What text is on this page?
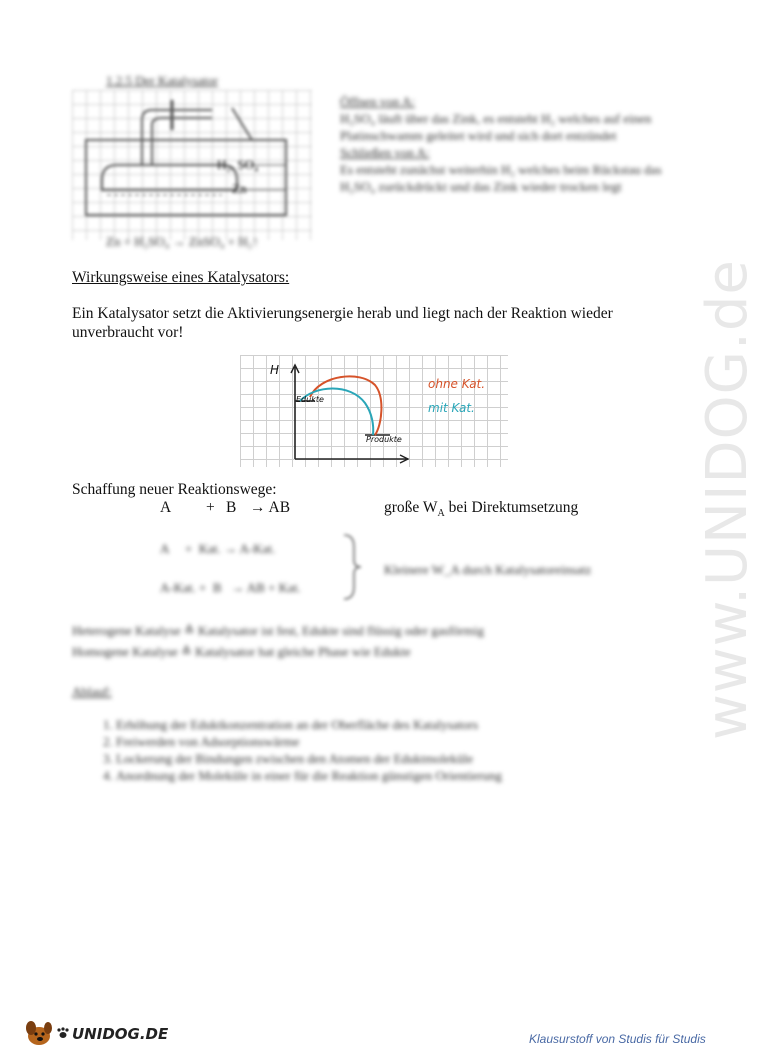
1.2.5 Der Katalysator
H₂, SO₄
Zn
Zn + H₂SO₄ → ZnSO₄ + H₂↑
Öffnen von A:
H₂SO₄ läuft über das Zink, es entsteht H₂ welches auf einen Platinschwamm geleitet wird und sich dort entzündet
Schließen von A:
Es entsteht zunächst weiterhin H₂ welches beim Rückstau das H₂SO₄ zurückdrückt und das Zink wieder trocken legt
Wirkungsweise eines Katalysators:
Ein Katalysator setzt die Aktivierungsenergie herab und liegt nach der Reaktion wieder unverbraucht vor!
H
Edukte
Produkte
ohne Kat.
mit Kat.
Schaffung neuer Reaktionswege:
A + B → AB	große $W_A$ bei Direktumsetzung
A     +  Kat. → A-Kat.
A-Kat. +  B   → AB + Kat.
Kleinere W_A durch Katalysatoreinsatz
Heterogene Katalyse ≙ Katalysator ist fest, Edukte sind flüssig oder gasförmig
Homogene Katalyse ≙ Katalysator hat gleiche Phase wie Edukte
Ablauf:
1. Erhöhung der Eduktkonzentration an der Oberfläche des Katalysators
2. Freiwerden von Adsorptionswärme
3. Lockerung der Bindungen zwischen den Atomen der Eduktmoleküle
4. Anordnung der Moleküle in einer für die Reaktion günstigen Orientierung
www.UNIDOG.de
UNIDOG.DE	Klausurstoff von Studis für Studis
